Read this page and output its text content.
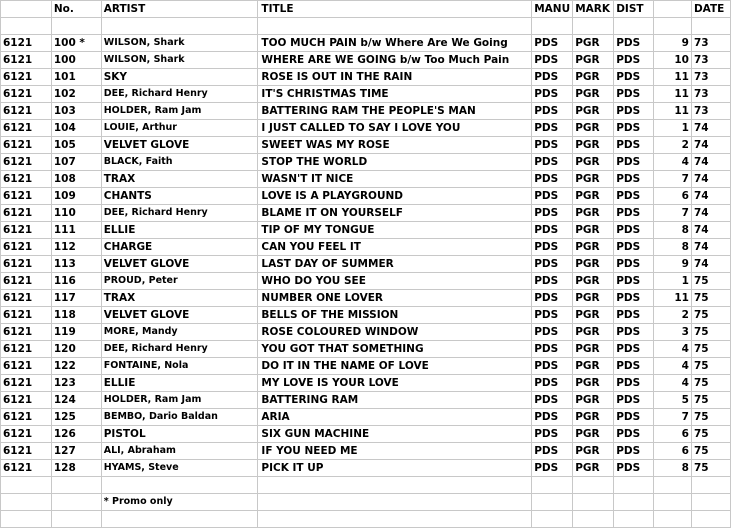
	No.	ARTIST	TITLE	MANU	MARK	DIST		DATE

6121	100 *	WILSON, Shark	TOO MUCH PAIN b/w Where Are We Going	PDS	PGR	PDS	9	73
6121	100	WILSON, Shark	WHERE ARE WE GOING b/w Too Much Pain	PDS	PGR	PDS	10	73
6121	101	SKY	ROSE IS OUT IN THE RAIN	PDS	PGR	PDS	11	73
6121	102	DEE, Richard Henry	IT'S CHRISTMAS TIME	PDS	PGR	PDS	11	73
6121	103	HOLDER, Ram Jam	BATTERING RAM THE PEOPLE'S MAN	PDS	PGR	PDS	11	73
6121	104	LOUIE, Arthur	I JUST CALLED TO SAY I LOVE YOU	PDS	PGR	PDS	1	74
6121	105	VELVET GLOVE	SWEET WAS MY ROSE	PDS	PGR	PDS	2	74
6121	107	BLACK, Faith	STOP THE WORLD	PDS	PGR	PDS	4	74
6121	108	TRAX	WASN'T IT NICE	PDS	PGR	PDS	7	74
6121	109	CHANTS	LOVE IS A PLAYGROUND	PDS	PGR	PDS	6	74
6121	110	DEE, Richard Henry	BLAME IT ON YOURSELF	PDS	PGR	PDS	7	74
6121	111	ELLIE	TIP OF MY TONGUE	PDS	PGR	PDS	8	74
6121	112	CHARGE	CAN YOU FEEL IT	PDS	PGR	PDS	8	74
6121	113	VELVET GLOVE	LAST DAY OF SUMMER	PDS	PGR	PDS	9	74
6121	116	PROUD, Peter	WHO DO YOU SEE	PDS	PGR	PDS	1	75
6121	117	TRAX	NUMBER ONE LOVER	PDS	PGR	PDS	11	75
6121	118	VELVET GLOVE	BELLS OF THE MISSION	PDS	PGR	PDS	2	75
6121	119	MORE, Mandy	ROSE COLOURED WINDOW	PDS	PGR	PDS	3	75
6121	120	DEE, Richard Henry	YOU GOT THAT SOMETHING	PDS	PGR	PDS	4	75
6121	122	FONTAINE, Nola	DO IT IN THE NAME OF LOVE	PDS	PGR	PDS	4	75
6121	123	ELLIE	MY LOVE IS YOUR LOVE	PDS	PGR	PDS	4	75
6121	124	HOLDER, Ram Jam	BATTERING RAM	PDS	PGR	PDS	5	75
6121	125	BEMBO, Dario Baldan	ARIA	PDS	PGR	PDS	7	75
6121	126	PISTOL	SIX GUN MACHINE	PDS	PGR	PDS	6	75
6121	127	ALI, Abraham	IF YOU NEED ME	PDS	PGR	PDS	6	75
6121	128	HYAMS, Steve	PICK IT UP	PDS	PGR	PDS	8	75

		* Promo only						
